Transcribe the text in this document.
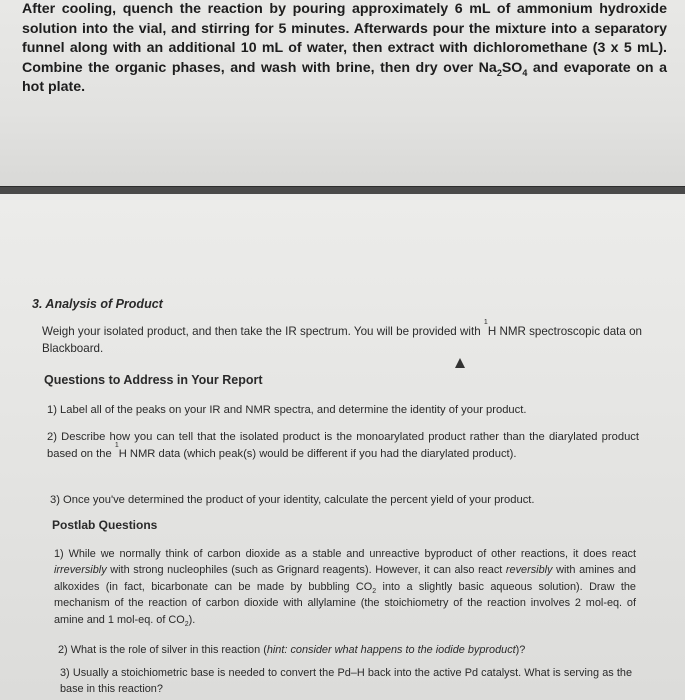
After cooling, quench the reaction by pouring approximately 6 mL of ammonium hydroxide solution into the vial, and stirring for 5 minutes. Afterwards pour the mixture into a separatory funnel along with an additional 10 mL of water, then extract with dichloromethane (3 x 5 mL). Combine the organic phases, and wash with brine, then dry over $Na_2SO_4$ and evaporate on a hot plate.
3. Analysis of Product
Weigh your isolated product, and then take the IR spectrum. You will be provided with $^1$H NMR spectroscopic data on Blackboard.
Questions to Address in Your Report
1) Label all of the peaks on your IR and NMR spectra, and determine the identity of your product.
2) Describe how you can tell that the isolated product is the monoarylated product rather than the diarylated product based on the $^1$H NMR data (which peak(s) would be different if you had the diarylated product).
3) Once you've determined the product of your identity, calculate the percent yield of your product.
Postlab Questions
1) While we normally think of carbon dioxide as a stable and unreactive byproduct of other reactions, it does react irreversibly with strong nucleophiles (such as Grignard reagents). However, it can also react reversibly with amines and alkoxides (in fact, bicarbonate can be made by bubbling $CO_2$ into a slightly basic aqueous solution). Draw the mechanism of the reaction of carbon dioxide with allylamine (the stoichiometry of the reaction involves 2 mol-eq. of amine and 1 mol-eq. of $CO_2$).
2) What is the role of silver in this reaction (hint: consider what happens to the iodide byproduct)?
3) Usually a stoichiometric base is needed to convert the Pd–H back into the active Pd catalyst. What is serving as the base in this reaction?
